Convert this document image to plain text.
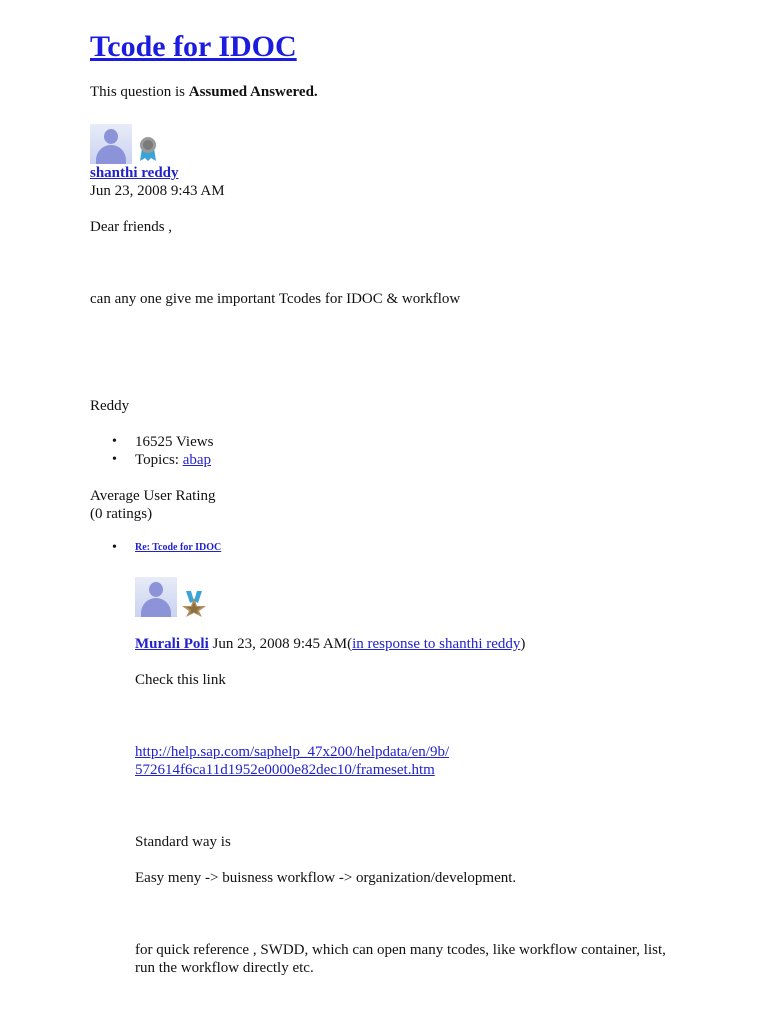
Tcode for IDOC
This question is Assumed Answered.
shanthi reddy
Jun 23, 2008 9:43 AM
Dear friends ,
can any one give me important Tcodes for IDOC & workflow
Reddy
• 16525 Views
• Topics: abap
Average User Rating
(0 ratings)
• Re: Tcode for IDOC
Murali Poli Jun 23, 2008 9:45 AM(in response to shanthi reddy)
Check this link
http://help.sap.com/saphelp_47x200/helpdata/en/9b/
572614f6ca11d1952e0000e82dec10/frameset.htm
Standard way is
Easy meny -> buisness workflow -> organization/development.
for quick reference , SWDD, which can open many tcodes, like workflow container, list, run the workflow directly etc.
